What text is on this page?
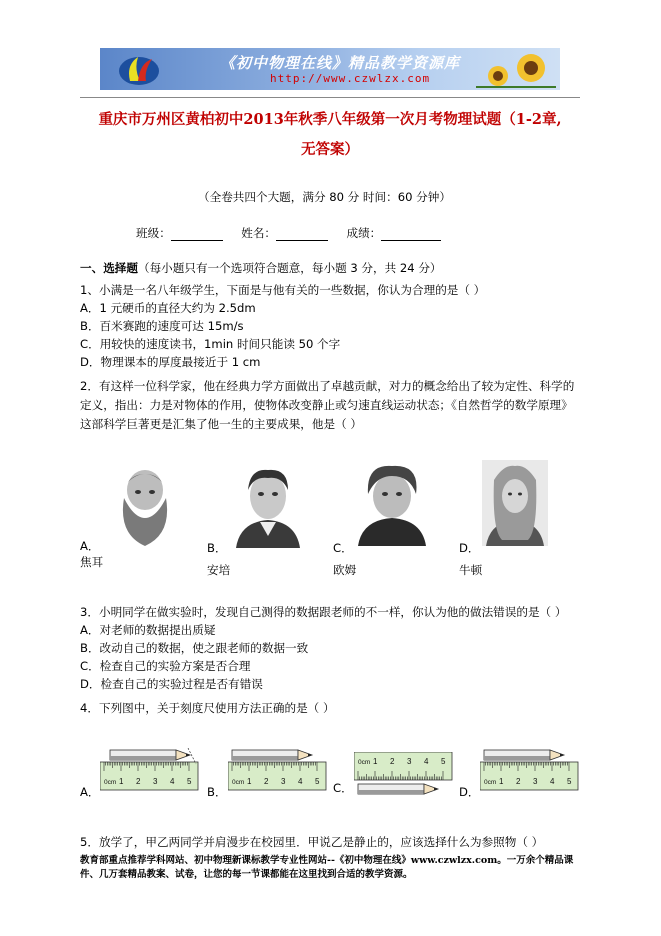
《初中物理在线》精品教学资源库
http://www.czwlzx.com
重庆市万州区黄柏初中2013年秋季八年级第一次月考物理试题（1-2章,
无答案）
（全卷共四个大题，满分 80 分 时间：60 分钟）
班级：	姓名：	成绩：
一、选择题（每小题只有一个选项符合题意，每小题 3 分，共 24 分）
1、小满是一名八年级学生，下面是与他有关的一些数据，你认为合理的是（ ）
A．1 元硬币的直径大约为 2.5dm
B．百米赛跑的速度可达 15m/s
C．用较快的速度读书，1min 时间只能读 50 个字
D．物理课本的厚度最接近于 1 cm
2．有这样一位科学家，他在经典力学方面做出了卓越贡献，对力的概念给出了较为定性、科学的
定义，指出：力是对物体的作用，使物体改变静止或匀速直线运动状态；《自然哲学的数学原理》
这部科学巨著更是汇集了他一生的主要成果，他是（ ）
A．
焦耳
B．
安培
C．
欧姆
D．
牛顿
3．小明同学在做实验时，发现自己测得的数据跟老师的不一样，你认为他的做法错误的是（ ）
A．对老师的数据提出质疑
B．改动自己的数据，使之跟老师的数据一致
C．检查自己的实验方案是否合理
D．检查自己的实验过程是否有错误
4．下列图中，关于刻度尺使用方法正确的是（ ）
0cm 1 2 3 4 5	0cm 1 2 3 4 5
0cm 1 2 3 4 5
0cm 1 2 3 4 5
A．	B．	C．	D．
5．放学了，甲乙两同学并肩漫步在校园里．甲说乙是静止的，应该选择什么为参照物（ ）
教育部重点推荐学科网站、初中物理新课标教学专业性网站--《初中物理在线》www.czwlzx.com。一万余个精品课
件、几万套精品教案、试卷，让您的每一节课都能在这里找到合适的教学资源。
